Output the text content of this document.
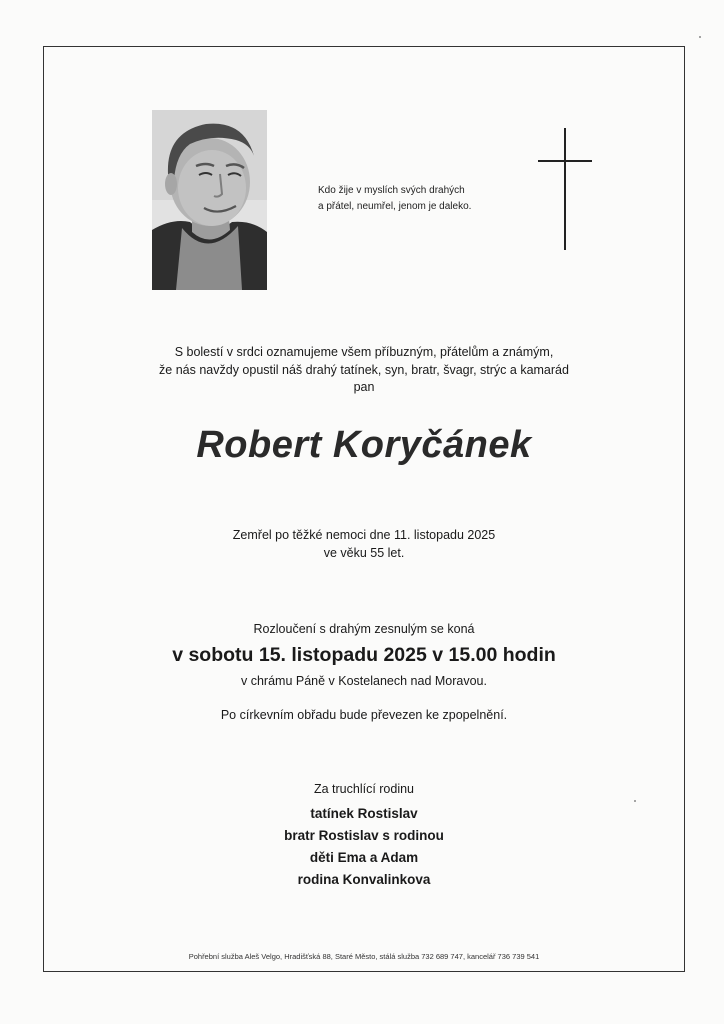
Kdo žije v myslích svých drahých
a přátel, neumřel, jenom je daleko.
S bolestí v srdci oznamujeme všem příbuzným, přátelům a známým,
že nás navždy opustil náš drahý tatínek, syn, bratr, švagr, strýc a kamarád
pan
Robert Koryčánek
Zemřel po těžké nemoci dne 11. listopadu 2025
ve věku 55 let.
Rozloučení s drahým zesnulým se koná
v sobotu 15. listopadu 2025 v 15.00 hodin
v chrámu Páně v Kostelanech nad Moravou.
Po církevním obřadu bude převezen ke zpopelnění.
Za truchlící rodinu
tatínek Rostislav
bratr Rostislav s rodinou
děti Ema a Adam
rodina Konvalinkova
Pohřební služba Aleš Velgo, Hradišťská 88, Staré Město, stálá služba 732 689 747, kancelář 736 739 541
